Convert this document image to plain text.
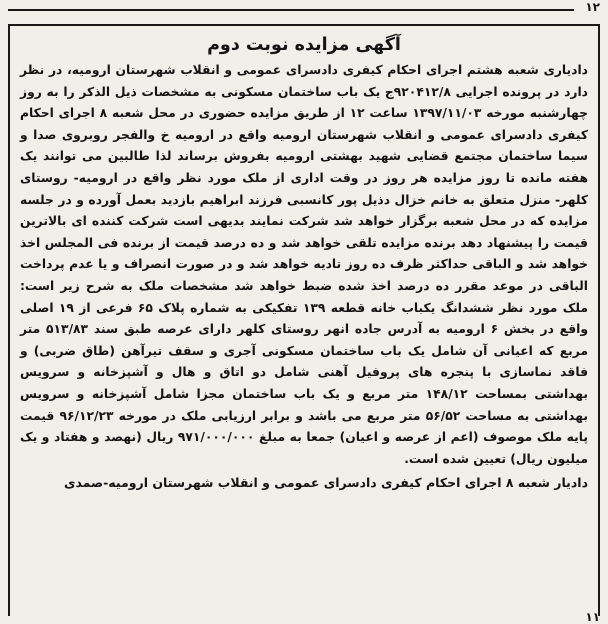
۱۲
آگهی مزایده نوبت دوم

دادیاری شعبه هشتم اجرای احکام کیفری دادسرای عمومی و انقلاب شهرستان ارومیه، در نظر دارد در پرونده اجرایی ۹۲۰۴۱۲/۸ج یک باب ساختمان مسکونی به مشخصات ذیل الذکر را به روز چهارشنبه مورخه ۱۳۹۷/۱۱/۰۳ ساعت ۱۲ از طریق مزایده حضوری در محل شعبه ۸ اجرای احکام کیفری دادسرای عمومی و انقلاب شهرستان ارومیه واقع در ارومیه خ والفجر روبروی صدا و سیما ساختمان مجتمع قضایی شهید بهشتی ارومیه بفروش برساند لذا طالبین می توانند یک هفته مانده تا روز مزایده هر روز در وقت اداری از ملک مورد نظر واقع در ارومیه- روستای کلهر- منزل متعلق به خانم خزال دذیل پور کانسبی فرزند ابراهیم بازدید بعمل آورده و در جلسه مزایده که در محل شعبه برگزار خواهد شد شرکت نمایند بدیهی است شرکت کننده ای بالاترین قیمت را پیشنهاد دهد برنده مزایده تلقی خواهد شد و ده درصد قیمت از برنده فی المجلس اخذ خواهد شد و الباقی حداکثر ظرف ده روز تادیه خواهد شد و در صورت انصراف و یا عدم پرداخت الباقی در موعد مقرر ده درصد اخذ شده ضبط خواهد شد مشخصات ملک به شرح زیر است: ملک مورد نظر ششدانگ یکباب خانه قطعه ۱۳۹ تفکیکی به شماره پلاک ۶۵ فرعی از ۱۹ اصلی واقع در بخش ۶ ارومیه به آدرس جاده انهر روستای کلهر دارای عرصه طبق سند ۵۱۳/۸۳ متر مربع که اعیانی آن شامل یک باب ساختمان مسکونی آجری و سقف تیرآهن (طاق ضربی) و فاقد نماسازی با پنجره های پروفیل آهنی شامل دو اتاق و هال و آشپزخانه و سرویس بهداشتی بمساحت ۱۴۸/۱۲ متر مربع و یک باب ساختمان مجزا شامل آشپزخانه و سرویس بهداشتی به مساحت ۵۶/۵۲ متر مربع می باشد و برابر ارزیابی ملک در مورخه ۹۶/۱۲/۲۳ قیمت پایه ملک موصوف (اعم از عرصه و اعیان) جمعا به مبلغ ۹۷۱/۰۰۰/۰۰۰ ریال (نهصد و هفتاد و یک میلیون ریال) تعیین شده است.

دادیار شعبه ۸ اجرای احکام کیفری دادسرای عمومی و انقلاب شهرستان ارومیه-صمدی

۱۱
